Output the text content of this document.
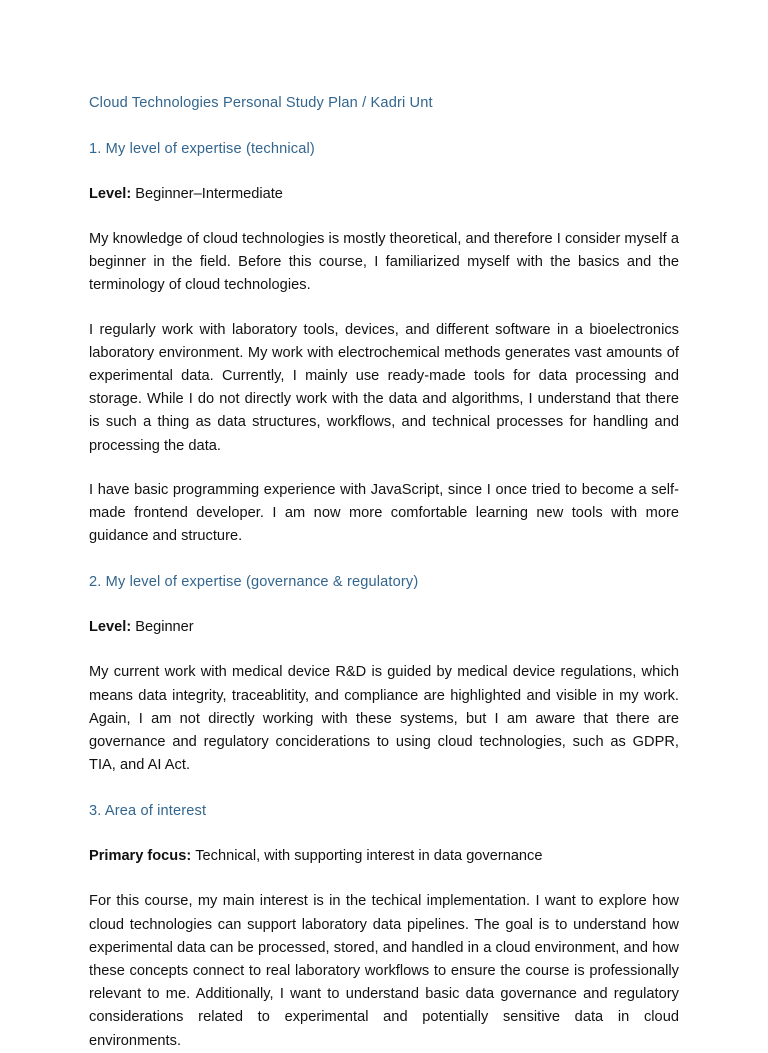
Cloud Technologies Personal Study Plan / Kadri Unt
1. My level of expertise (technical)
Level: Beginner–Intermediate

My knowledge of cloud technologies is mostly theoretical, and therefore I consider myself a beginner in the field. Before this course, I familiarized myself with the basics and the terminology of cloud technologies.

I regularly work with laboratory tools, devices, and different software in a bioelectronics laboratory environment. My work with electrochemical methods generates vast amounts of experimental data. Currently, I mainly use ready-made tools for data processing and storage. While I do not directly work with the data and algorithms, I understand that there is such a thing as data structures, workflows, and technical processes for handling and processing the data.

I have basic programming experience with JavaScript, since I once tried to become a self-made frontend developer. I am now more comfortable learning new tools with more guidance and structure.

2. My level of expertise (governance & regulatory)
Level: Beginner

My current work with medical device R&D is guided by medical device regulations, which means data integrity, traceablitity, and compliance are highlighted and visible in my work. Again, I am not directly working with these systems, but I am aware that there are governance and regulatory conciderations to using cloud technologies, such as GDPR, TIA, and AI Act.

3. Area of interest
Primary focus: Technical, with supporting interest in data governance

For this course, my main interest is in the techical implementation. I want to explore how cloud technologies can support laboratory data pipelines. The goal is to understand how experimental data can be processed, stored, and handled in a cloud environment, and how these concepts connect to real laboratory workflows to ensure the course is professionally relevant to me. Additionally, I want to understand basic data governance and regulatory considerations related to experimental and potentially sensitive data in cloud environments.
